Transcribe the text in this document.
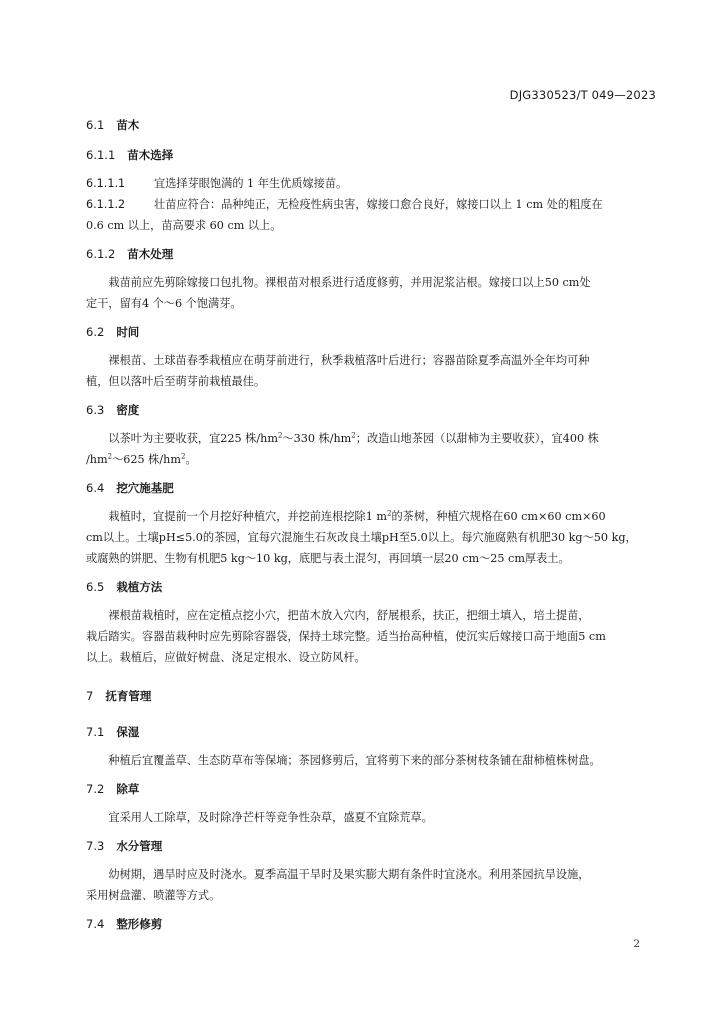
DJG330523/T 049—2023

6.1 苗木

6.1.1 苗木选择

6.1.1.1	宜选择芽眼饱满的 1 年生优质嫁接苗。

6.1.1.2	壮苗应符合：品种纯正，无检疫性病虫害，嫁接口愈合良好，嫁接口以上 1 cm 处的粗度在

0.6 cm 以上，苗高要求 60 cm 以上。

6.1.2 苗木处理

栽苗前应先剪除嫁接口包扎物。裸根苗对根系进行适度修剪，并用泥浆沾根。嫁接口以上50 cm处

定干，留有4 个～6 个饱满芽。

6.2 时间

裸根苗、土球苗春季栽植应在萌芽前进行，秋季栽植落叶后进行；容器苗除夏季高温外全年均可种

植，但以落叶后至萌芽前栽植最佳。

6.3 密度

以茶叶为主要收获，宜225 株$/hm^2\sim 330$ 株$/hm^2$；改造山地茶园（以甜柿为主要收获），宜400 株

$/hm^2\sim 625$ 株$/hm^2$。

6.4 挖穴施基肥

栽植时，宜提前一个月挖好种植穴，并挖前连根挖除1 $m^2$的茶树，种植穴规格在60 cm×60 cm×60

cm以上。土壤pH≤5.0的茶园，宜每穴混施生石灰改良土壤pH至5.0以上。每穴施腐熟有机肥30 kg～50 kg，

或腐熟的饼肥、生物有机肥5 kg～10 kg，底肥与表土混匀，再回填一层20 cm～25 cm厚表土。

6.5 栽植方法

裸根苗栽植时，应在定植点挖小穴，把苗木放入穴内，舒展根系，扶正，把细土填入，培土提苗，

栽后踏实。容器苗栽种时应先剪除容器袋，保持土球完整。适当抬高种植，使沉实后嫁接口高于地面5 cm

以上。栽植后，应做好树盘、浇足定根水、设立防风杆。

7 抚育管理

7.1 保湿

种植后宜覆盖草、生态防草布等保墒；茶园修剪后，宜将剪下来的部分茶树枝条铺在甜柿植株树盘。

7.2 除草

宜采用人工除草，及时除净芒杆等竞争性杂草，盛夏不宜除荒草。

7.3 水分管理

幼树期，遇旱时应及时浇水。夏季高温干旱时及果实膨大期有条件时宜浇水。利用茶园抗旱设施，

采用树盘灌、喷灌等方式。

7.4 整形修剪

2
